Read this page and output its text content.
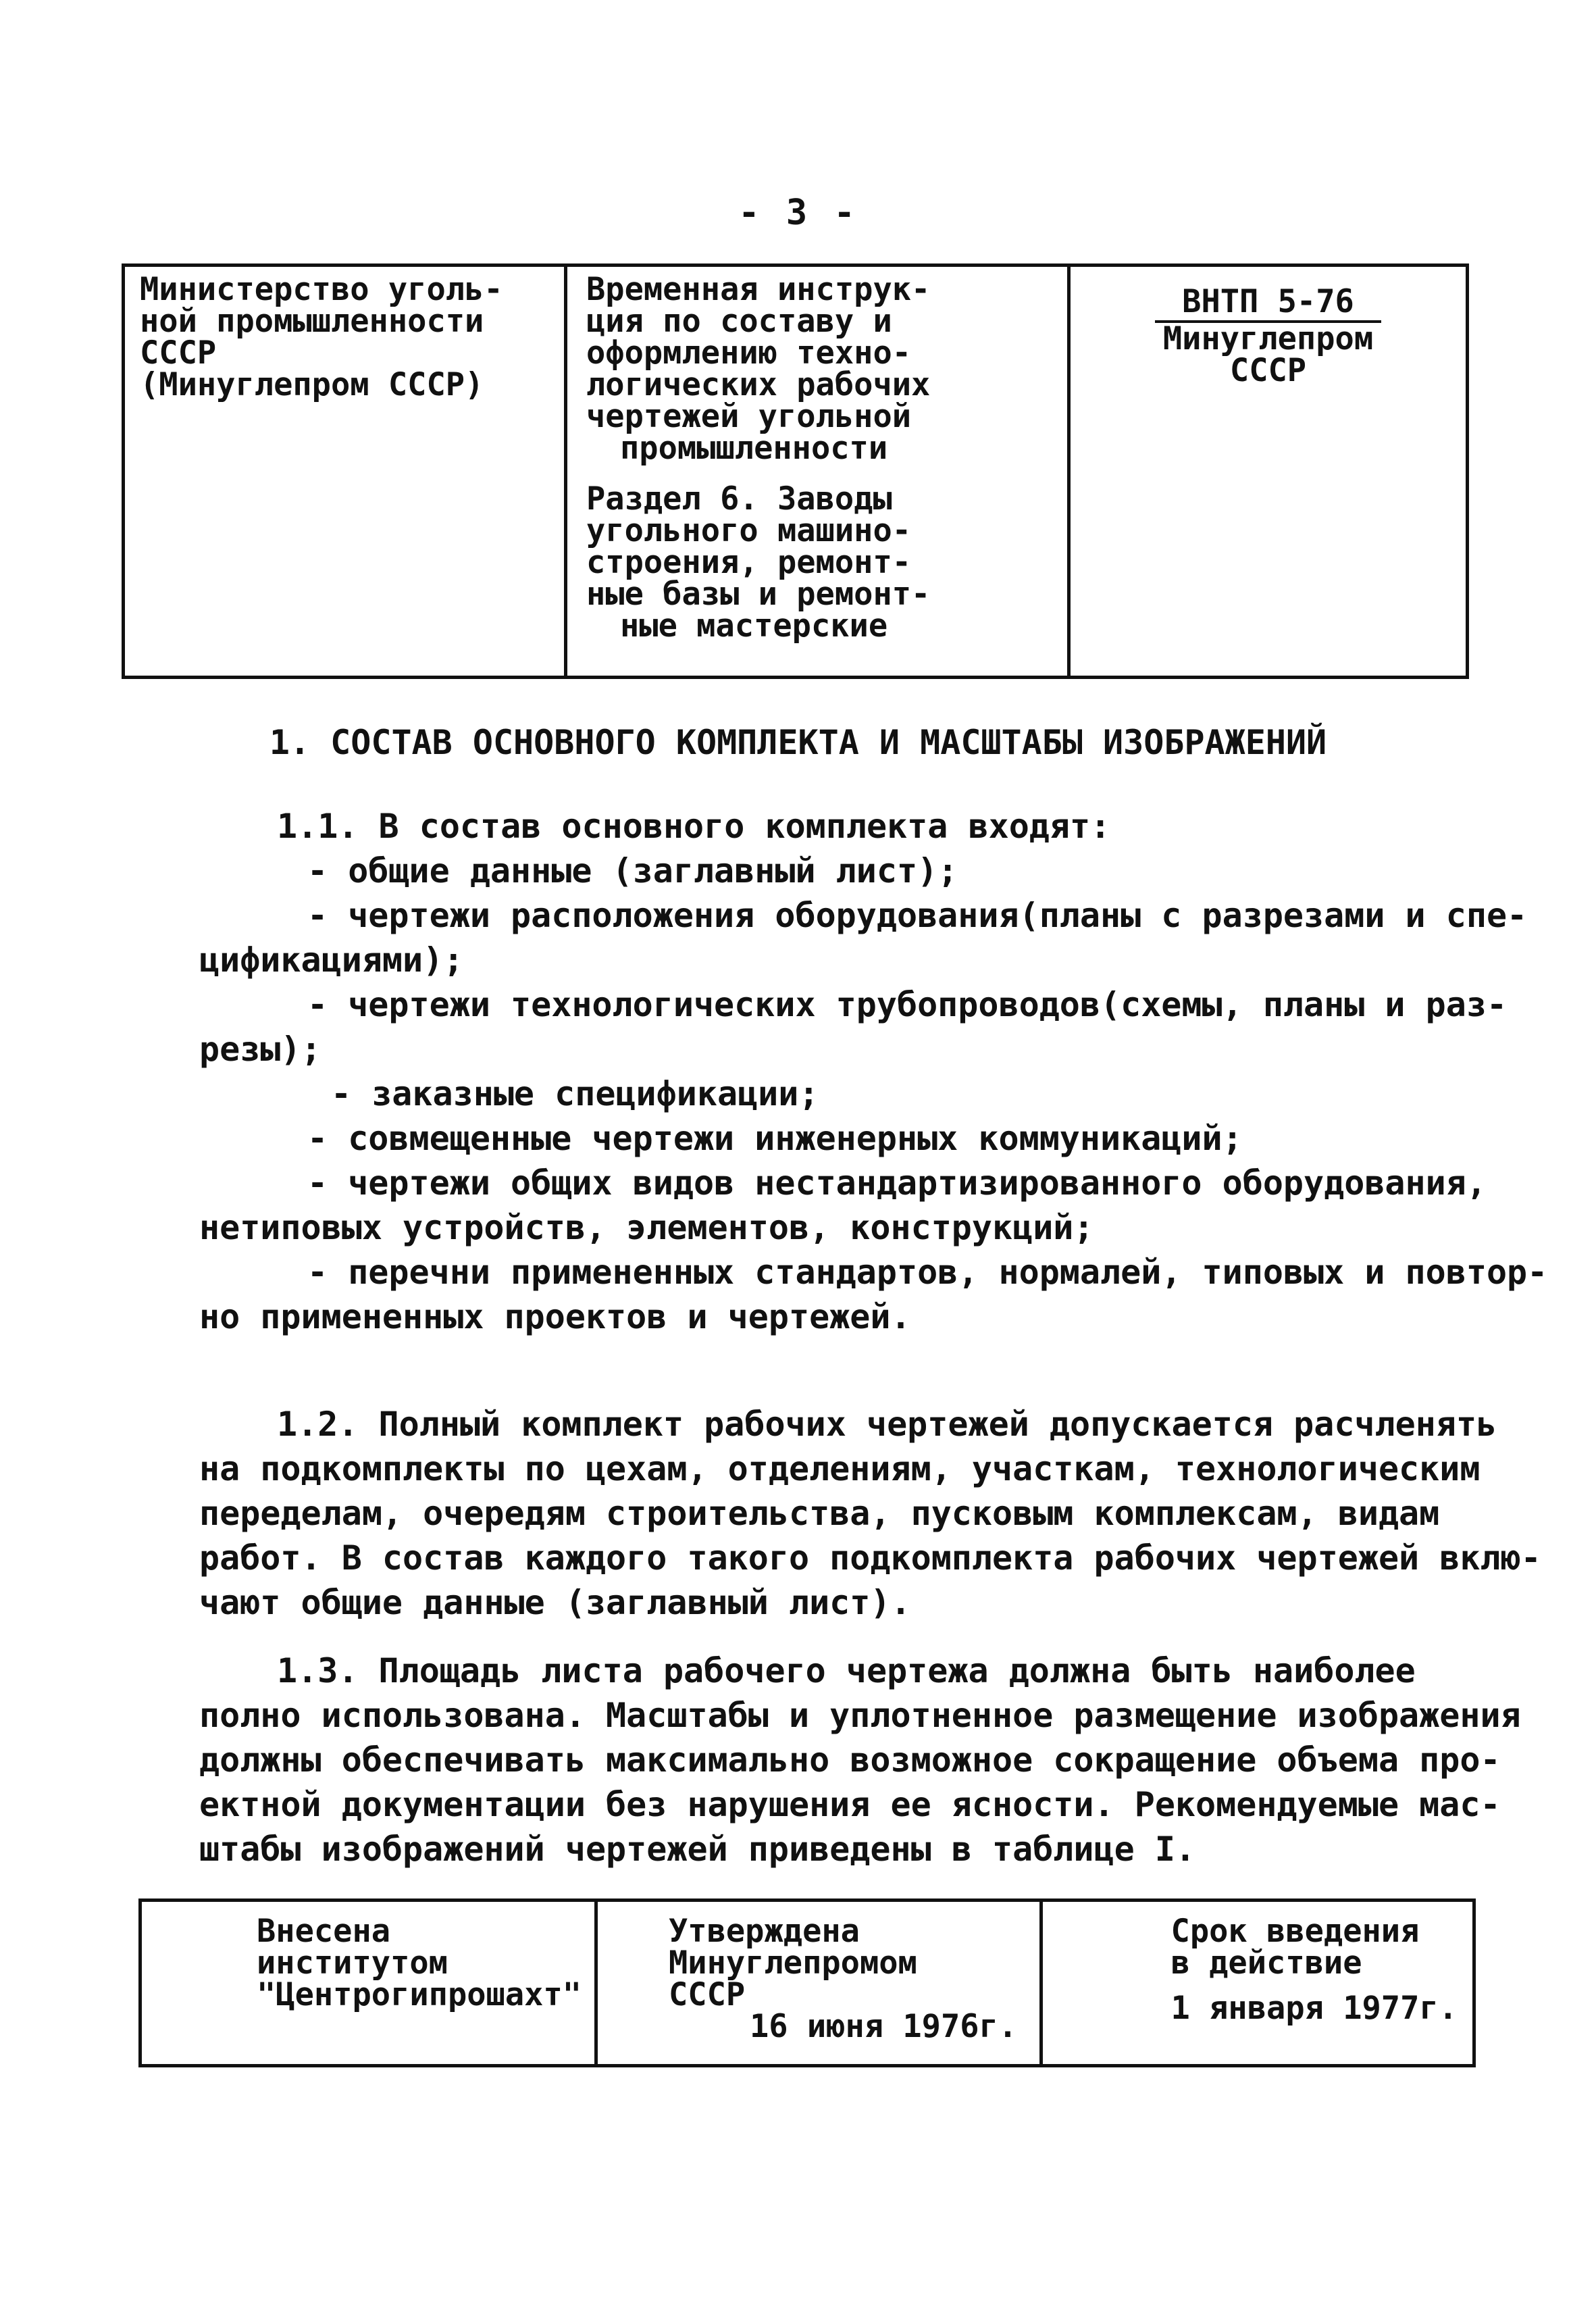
- 3 -
Министерство уголь-
ной промышленности
СССР
(Минуглепром СССР)
Временная инструк-
ция по составу и
оформлению техно-
логических рабочих
чертежей угольной
промышленности
Раздел 6. Заводы
угольного машино-
строения, ремонт-
ные базы и ремонт-
ные мастерские
ВНТП 5-76
Минуглепром
СССР
1. СОСТАВ ОСНОВНОГО КОМПЛЕКТА И МАСШТАБЫ ИЗОБРАЖЕНИЙ

1.1. В состав основного комплекта входят:

- общие данные (заглавный лист);

- чертежи расположения оборудования(планы с разрезами и спе-

цификациями);

- чертежи технологических трубопроводов(схемы, планы и раз-

резы);

- заказные спецификации;

- совмещенные чертежи инженерных коммуникаций;

- чертежи общих видов нестандартизированного оборудования,

нетиповых устройств, элементов, конструкций;

- перечни примененных стандартов, нормалей, типовых и повтор-

но примененных проектов и чертежей.

1.2. Полный комплект рабочих чертежей допускается расчленять

на подкомплекты по цехам, отделениям, участкам, технологическим

переделам, очередям строительства, пусковым комплексам, видам

работ. В состав каждого такого подкомплекта рабочих чертежей вклю-

чают общие данные (заглавный лист).

1.3. Площадь листа рабочего чертежа должна быть наиболее

полно использована. Масштабы и уплотненное размещение изображения

должны обеспечивать максимально возможное сокращение объема про-

ектной документации без нарушения ее ясности. Рекомендуемые мас-

штабы изображений чертежей приведены в таблице I.

Внесена
институтом
"Центрогипрошахт"
Утверждена
Минуглепромом
СССР
16 июня 1976г.
Срок введения
в действие
1 января 1977г.
